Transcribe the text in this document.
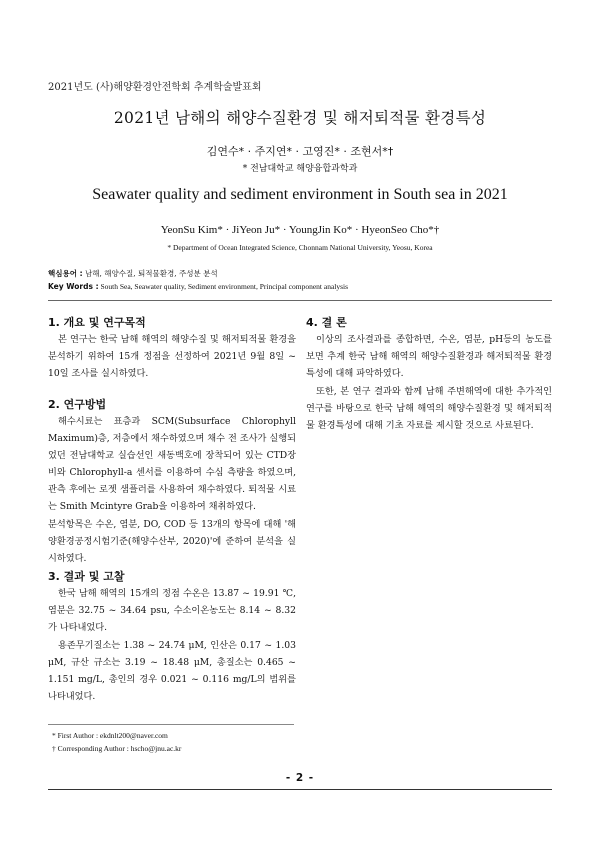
2021년도 (사)해양환경안전학회 추계학술발표회
2021년 남해의 해양수질환경 및 해저퇴적물 환경특성
김연수* · 주지연* · 고영진* · 조현서*†
* 전남대학교 해양융합과학과
Seawater quality and sediment environment in South sea in 2021
YeonSu Kim* · JiYeon Ju* · YoungJin Ko* · HyeonSeo Cho*†
* Department of Ocean Integrated Science, Chonnam National University, Yeosu, Korea
핵심용어 : 남해, 해양수질, 퇴적물환경, 주성분 분석
Key Words : South Sea, Seawater quality, Sediment environment, Principal component analysis
1. 개요 및 연구목적

본 연구는 한국 남해 해역의 해양수질 및 해저퇴적물 환경을 분석하기 위하여 15개 정점을 선정하여 2021년 9월 8일 ~ 10일 조사를 실시하였다.

2. 연구방법

해수시료는 표층과 SCM(Subsurface Chlorophyll Maximum)층, 저층에서 채수하였으며 채수 전 조사가 실행되었던 전남대학교 실습선인 새동백호에 장착되어 있는 CTD장비와 Chlorophyll-a 센서를 이용하여 수심 측량을 하였으며, 관측 후에는 로젯 샘플러를 사용하여 채수하였다. 퇴적물 시료는 Smith Mcintyre Grab을 이용하여 채취하였다.

분석항목은 수온, 염분, DO, COD 등 13개의 항목에 대해 '해양환경공정시험기준(해양수산부, 2020)'에 준하여 분석을 실시하였다.

3. 결과 및 고찰

한국 남해 해역의 15개의 정점 수온은 13.87 ~ 19.91 ℃, 염분은 32.75 ~ 34.64 psu, 수소이온농도는 8.14 ~ 8.32가 나타내었다.

용존무기질소는 1.38 ~ 24.74 μM, 인산은 0.17 ~ 1.03 μM, 규산 규소는 3.19 ~ 18.48 μM, 총질소는 0.465 ~ 1.151 mg/L, 총인의 경우 0.021 ~ 0.116 mg/L의 범위를 나타내었다.

4. 결 론

이상의 조사결과를 종합하면, 수온, 염분, pH등의 농도를 보면 추계 한국 남해 해역의 해양수질환경과 해저퇴적물 환경특성에 대해 파악하였다.

또한, 본 연구 결과와 함께 남해 주변해역에 대한 추가적인 연구를 바탕으로 한국 남해 해역의 해양수질환경 및 해저퇴적물 환경특성에 대해 기초 자료를 제시할 것으로 사료된다.

* First Author : ekdnlt200@naver.com
† Corresponding Author : hscho@jnu.ac.kr
- 2 -
